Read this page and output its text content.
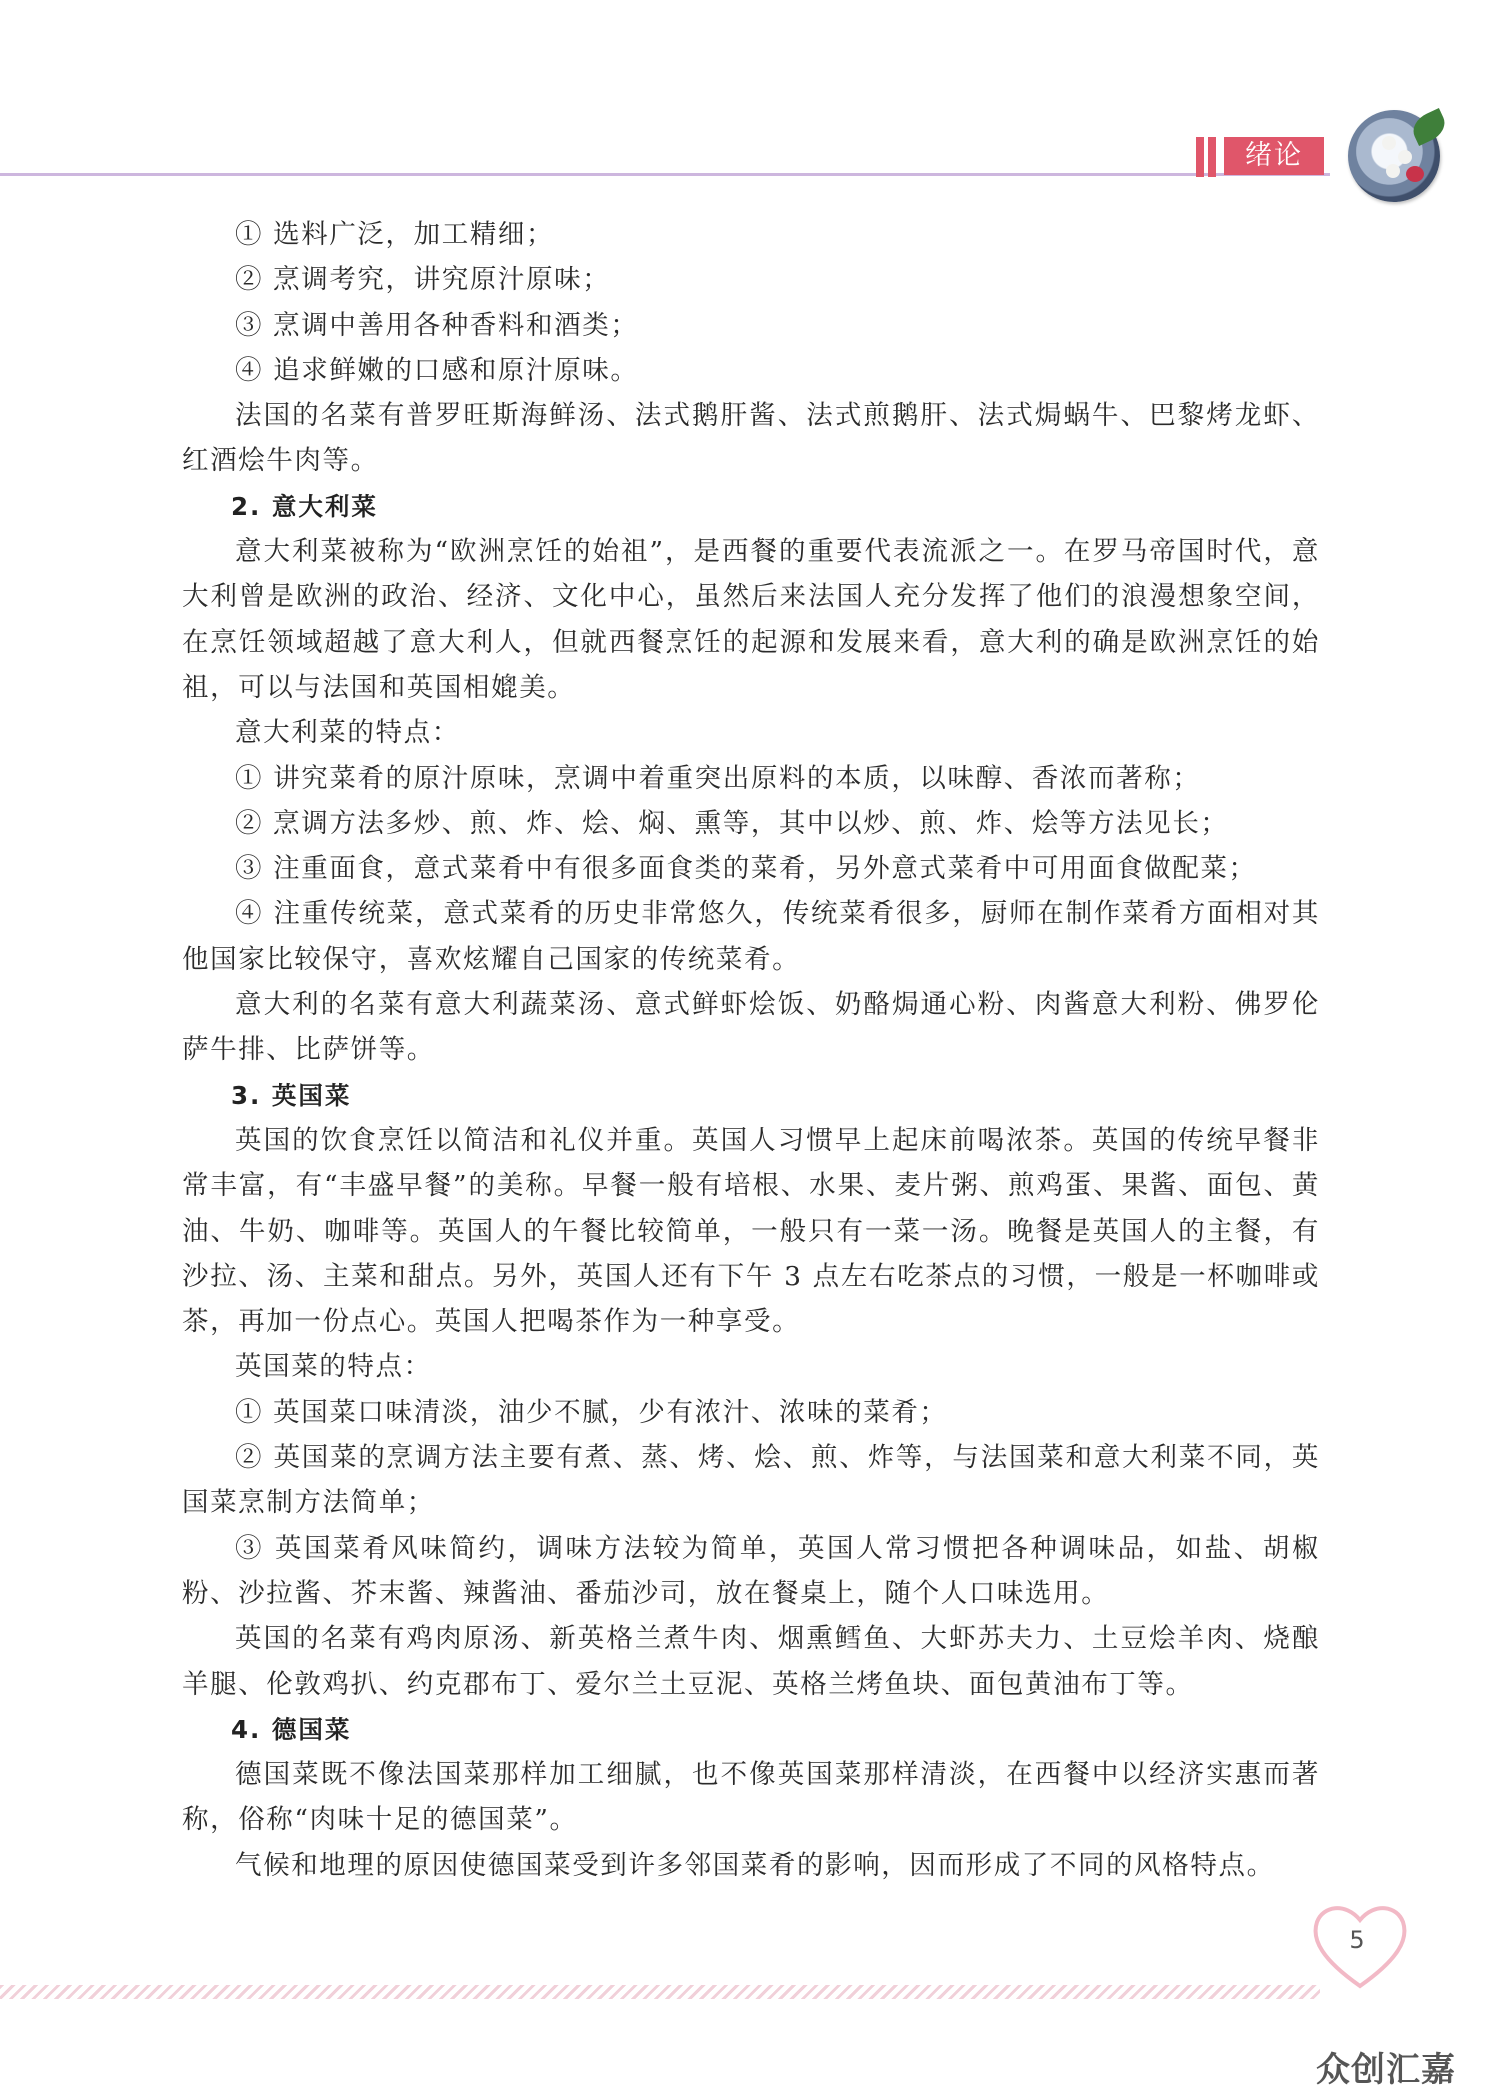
绪论

① 选料广泛，加工精细；

② 烹调考究，讲究原汁原味；

③ 烹调中善用各种香料和酒类；

④ 追求鲜嫩的口感和原汁原味。

法国的名菜有普罗旺斯海鲜汤、法式鹅肝酱、法式煎鹅肝、法式焗蜗牛、巴黎烤龙虾、红酒烩牛肉等。

2. 意大利菜

意大利菜被称为“欧洲烹饪的始祖”，是西餐的重要代表流派之一。在罗马帝国时代，意大利曾是欧洲的政治、经济、文化中心，虽然后来法国人充分发挥了他们的浪漫想象空间，在烹饪领域超越了意大利人，但就西餐烹饪的起源和发展来看，意大利的确是欧洲烹饪的始祖，可以与法国和英国相媲美。

意大利菜的特点：

① 讲究菜肴的原汁原味，烹调中着重突出原料的本质，以味醇、香浓而著称；

② 烹调方法多炒、煎、炸、烩、焖、熏等，其中以炒、煎、炸、烩等方法见长；

③ 注重面食，意式菜肴中有很多面食类的菜肴，另外意式菜肴中可用面食做配菜；

④ 注重传统菜，意式菜肴的历史非常悠久，传统菜肴很多，厨师在制作菜肴方面相对其他国家比较保守，喜欢炫耀自己国家的传统菜肴。

意大利的名菜有意大利蔬菜汤、意式鲜虾烩饭、奶酪焗通心粉、肉酱意大利粉、佛罗伦萨牛排、比萨饼等。

3. 英国菜

英国的饮食烹饪以简洁和礼仪并重。英国人习惯早上起床前喝浓茶。英国的传统早餐非常丰富，有“丰盛早餐”的美称。早餐一般有培根、水果、麦片粥、煎鸡蛋、果酱、面包、黄油、牛奶、咖啡等。英国人的午餐比较简单，一般只有一菜一汤。晚餐是英国人的主餐，有沙拉、汤、主菜和甜点。另外，英国人还有下午 3 点左右吃茶点的习惯，一般是一杯咖啡或茶，再加一份点心。英国人把喝茶作为一种享受。

英国菜的特点：

① 英国菜口味清淡，油少不腻，少有浓汁、浓味的菜肴；

② 英国菜的烹调方法主要有煮、蒸、烤、烩、煎、炸等，与法国菜和意大利菜不同，英国菜烹制方法简单；

③ 英国菜肴风味简约，调味方法较为简单，英国人常习惯把各种调味品，如盐、胡椒粉、沙拉酱、芥末酱、辣酱油、番茄沙司，放在餐桌上，随个人口味选用。

英国的名菜有鸡肉原汤、新英格兰煮牛肉、烟熏鳕鱼、大虾苏夫力、土豆烩羊肉、烧酿羊腿、伦敦鸡扒、约克郡布丁、爱尔兰土豆泥、英格兰烤鱼块、面包黄油布丁等。

4. 德国菜

德国菜既不像法国菜那样加工细腻，也不像英国菜那样清淡，在西餐中以经济实惠而著称，俗称“肉味十足的德国菜”。

气候和地理的原因使德国菜受到许多邻国菜肴的影响，因而形成了不同的风格特点。

5
众创汇嘉
